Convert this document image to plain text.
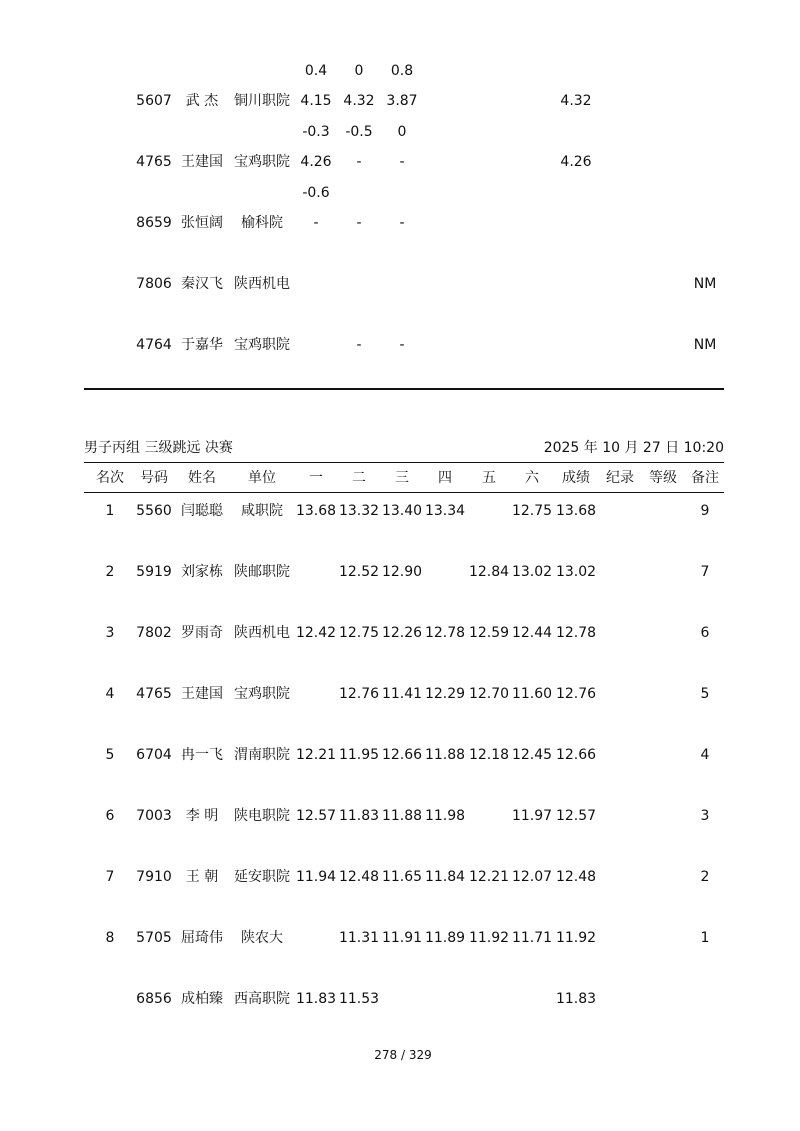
0.4 0 0.8
5607 武 杰 铜川职院 4.15 4.32 3.87	4.32
-0.3 -0.5 0
4765 王建国 宝鸡职院 4.26 -	-	4.26
-0.6
8659 张恒阔 榆科院 -	-	-
7806 秦汉飞 陕西机电	NM
4764 于嘉华 宝鸡职院	-	-	NM
男子丙组 三级跳远 决赛	2025 年 10 月 27 日 10:20
名次 号码 姓名 单位 一 二 三 四 五 六 成绩 纪录 等级 备注
1 5560 闫聪聪 咸职院 13.68 13.32 13.40 13.34	12.75 13.68	9
2 5919 刘家栋 陕邮职院	12.52 12.90	12.84 13.02 13.02	7
3 7802 罗雨奇 陕西机电 12.42 12.75 12.26 12.78 12.59 12.44 12.78	6
4 4765 王建国 宝鸡职院	12.76 11.41 12.29 12.70 11.60 12.76	5
5 6704 冉一飞 渭南职院 12.21 11.95 12.66 11.88 12.18 12.45 12.66	4
6 7003 李 明 陕电职院 12.57 11.83 11.88 11.98	11.97 12.57	3
7 7910 王 朝 延安职院 11.94 12.48 11.65 11.84 12.21 12.07 12.48	2
8 5705 屈琦伟 陕农大	11.31 11.91 11.89 11.92 11.71 11.92	1
6856 成柏臻 西高职院 11.83 11.53	11.83
278 / 329
